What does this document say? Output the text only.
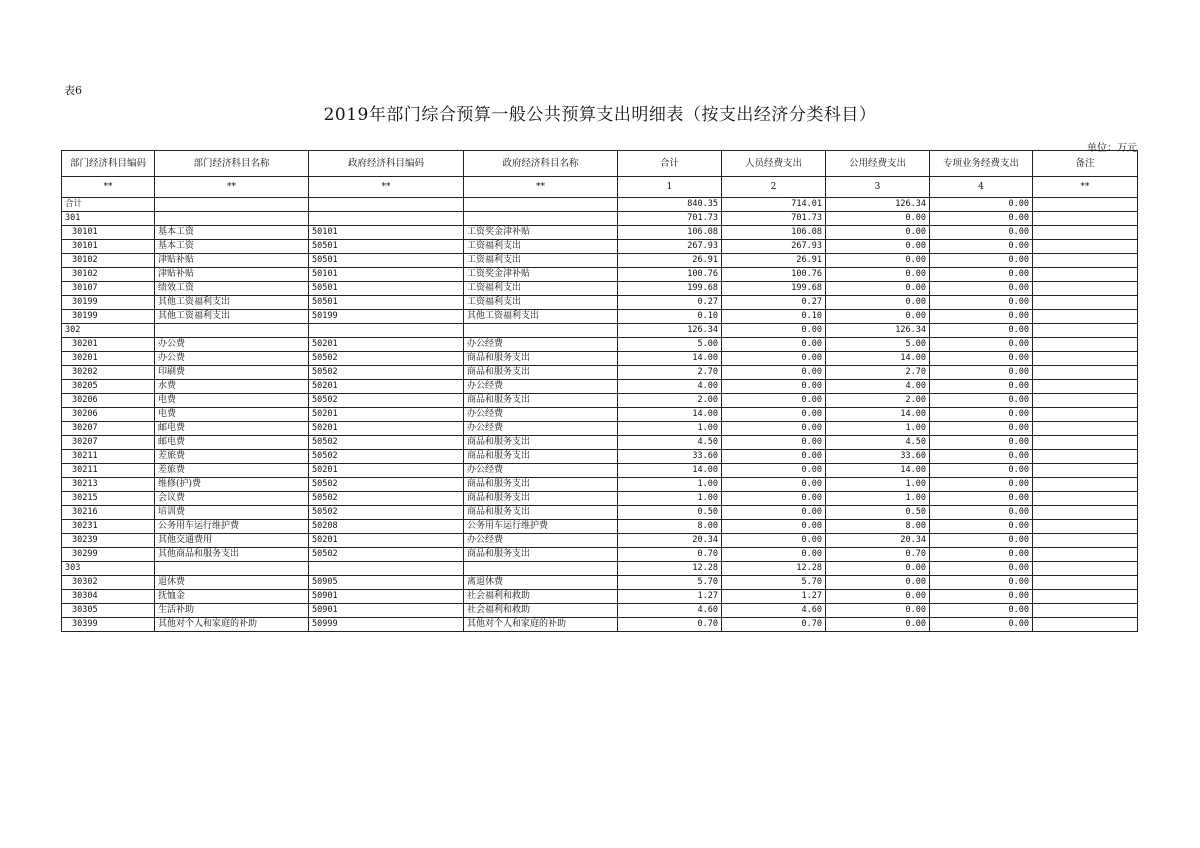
表6
2019年部门综合预算一般公共预算支出明细表（按支出经济分类科目）
单位：万元
部门经济科目编码	部门经济科目名称	政府经济科目编码	政府经济科目名称	合计	人员经费支出	公用经费支出	专项业务经费支出	备注
**	**	**	**	1	2	3	4	**
合计				840.35	714.01	126.34	0.00	
301				701.73	701.73	0.00	0.00	
30101	基本工资	50101	工资奖金津补贴	106.08	106.08	0.00	0.00	
30101	基本工资	50501	工资福利支出	267.93	267.93	0.00	0.00	
30102	津贴补贴	50501	工资福利支出	26.91	26.91	0.00	0.00	
30102	津贴补贴	50101	工资奖金津补贴	100.76	100.76	0.00	0.00	
30107	绩效工资	50501	工资福利支出	199.68	199.68	0.00	0.00	
30199	其他工资福利支出	50501	工资福利支出	0.27	0.27	0.00	0.00	
30199	其他工资福利支出	50199	其他工资福利支出	0.10	0.10	0.00	0.00	
302				126.34	0.00	126.34	0.00	
30201	办公费	50201	办公经费	5.00	0.00	5.00	0.00	
30201	办公费	50502	商品和服务支出	14.00	0.00	14.00	0.00	
30202	印刷费	50502	商品和服务支出	2.70	0.00	2.70	0.00	
30205	水费	50201	办公经费	4.00	0.00	4.00	0.00	
30206	电费	50502	商品和服务支出	2.00	0.00	2.00	0.00	
30206	电费	50201	办公经费	14.00	0.00	14.00	0.00	
30207	邮电费	50201	办公经费	1.00	0.00	1.00	0.00	
30207	邮电费	50502	商品和服务支出	4.50	0.00	4.50	0.00	
30211	差旅费	50502	商品和服务支出	33.60	0.00	33.60	0.00	
30211	差旅费	50201	办公经费	14.00	0.00	14.00	0.00	
30213	维修(护)费	50502	商品和服务支出	1.00	0.00	1.00	0.00	
30215	会议费	50502	商品和服务支出	1.00	0.00	1.00	0.00	
30216	培训费	50502	商品和服务支出	0.50	0.00	0.50	0.00	
30231	公务用车运行维护费	50208	公务用车运行维护费	8.00	0.00	8.00	0.00	
30239	其他交通费用	50201	办公经费	20.34	0.00	20.34	0.00	
30299	其他商品和服务支出	50502	商品和服务支出	0.70	0.00	0.70	0.00	
303				12.28	12.28	0.00	0.00	
30302	退休费	50905	离退休费	5.70	5.70	0.00	0.00	
30304	抚恤金	50901	社会福利和救助	1.27	1.27	0.00	0.00	
30305	生活补助	50901	社会福利和救助	4.60	4.60	0.00	0.00	
30399	其他对个人和家庭的补助	50999	其他对个人和家庭的补助	0.70	0.70	0.00	0.00	
